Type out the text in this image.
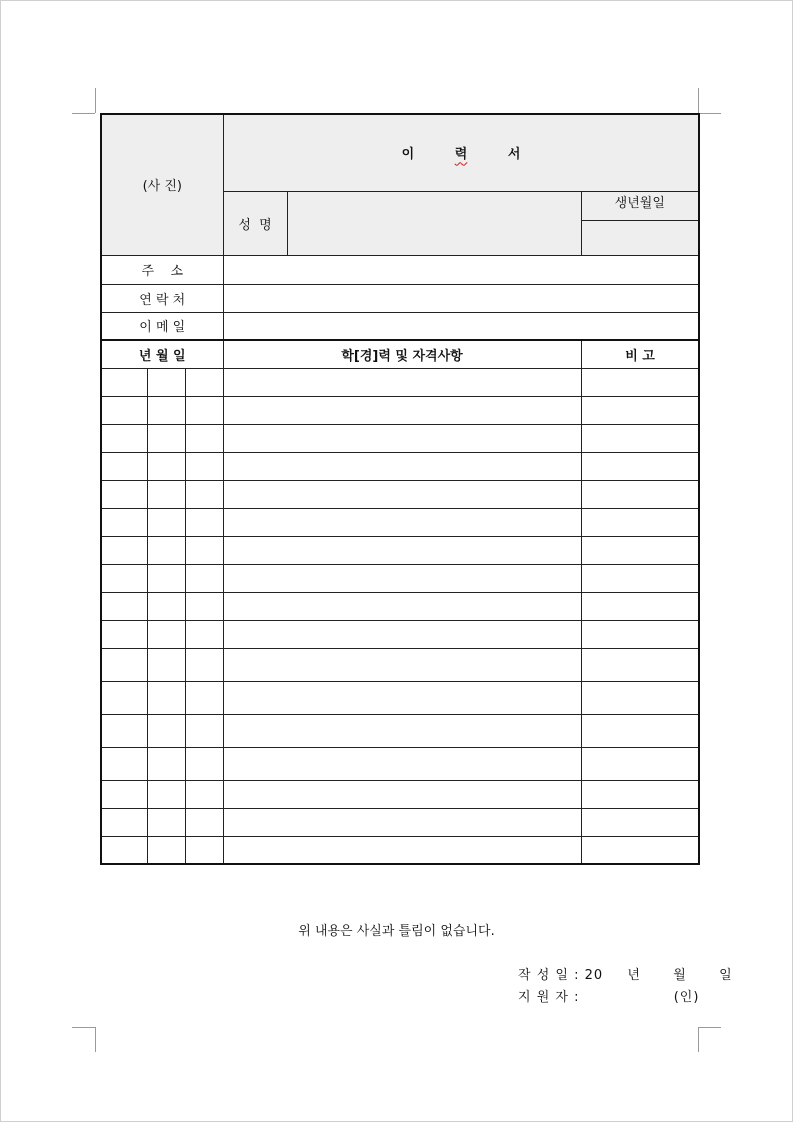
(사 진)			이 력 서		
			성  명		생년월일

주    소					
연 락 처					
이 메 일					
년 월 일			학[경]력 및 자격사항		비 고

위 내용은 사실과 틀림이 없습니다.
작 성 일 : 20 년 월 일
지 원 자 :	(인)
